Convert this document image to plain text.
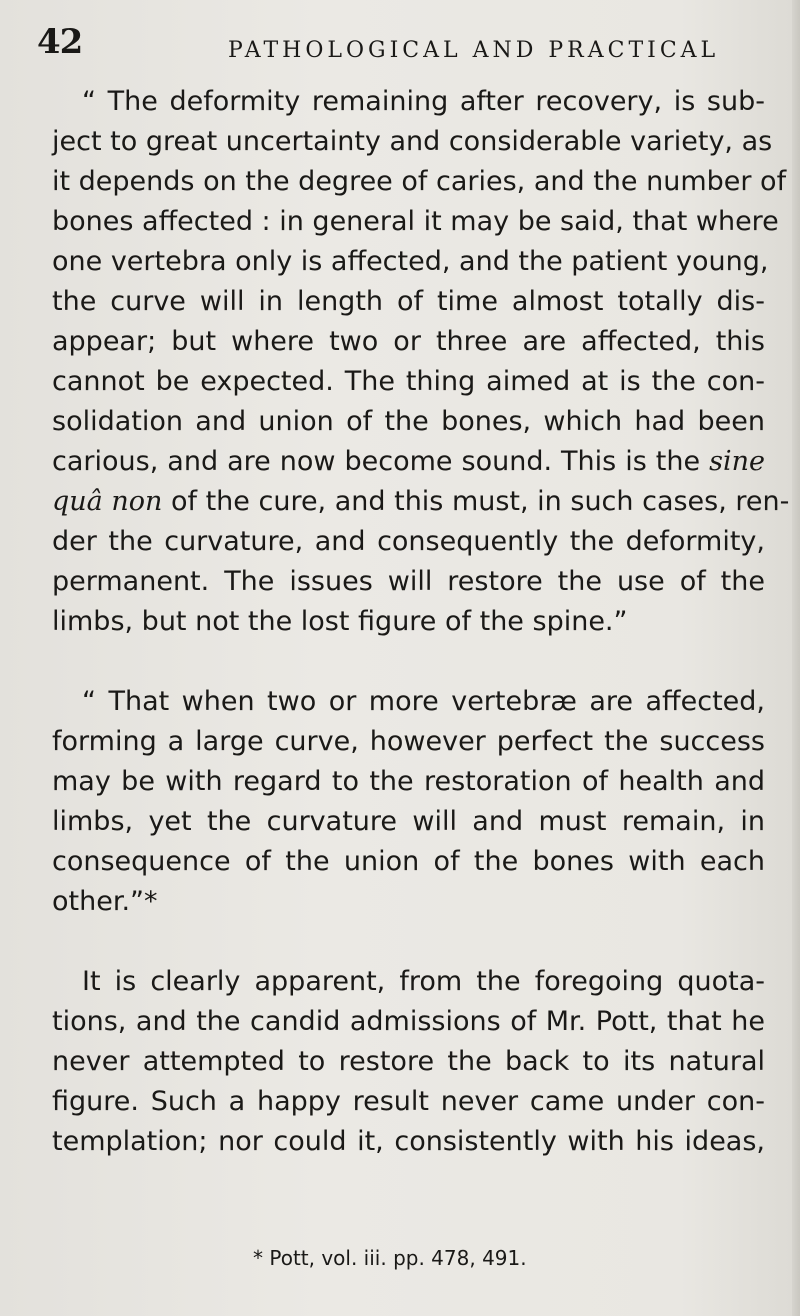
42	PATHOLOGICAL AND PRACTICAL
“ The deformity remaining after recovery, is sub-
ject to great uncertainty and considerable variety, as
it depends on the degree of caries, and the number of
bones affected : in general it may be said, that where
one vertebra only is affected, and the patient young,
the curve will in length of time almost totally dis-
appear; but where two or three are affected, this
cannot be expected. The thing aimed at is the con-
solidation and union of the bones, which had been
carious, and are now become sound. This is the sine
quâ non of the cure, and this must, in such cases, ren-
der the curvature, and consequently the deformity,
permanent. The issues will restore the use of the
limbs, but not the lost figure of the spine.”
“ That when two or more vertebræ are affected,
forming a large curve, however perfect the success
may be with regard to the restoration of health and
limbs, yet the curvature will and must remain, in
consequence of the union of the bones with each
other.”*
It is clearly apparent, from the foregoing quota-
tions, and the candid admissions of Mr. Pott, that he
never attempted to restore the back to its natural
figure. Such a happy result never came under con-
templation; nor could it, consistently with his ideas,
* Pott, vol. iii. pp. 478, 491.
